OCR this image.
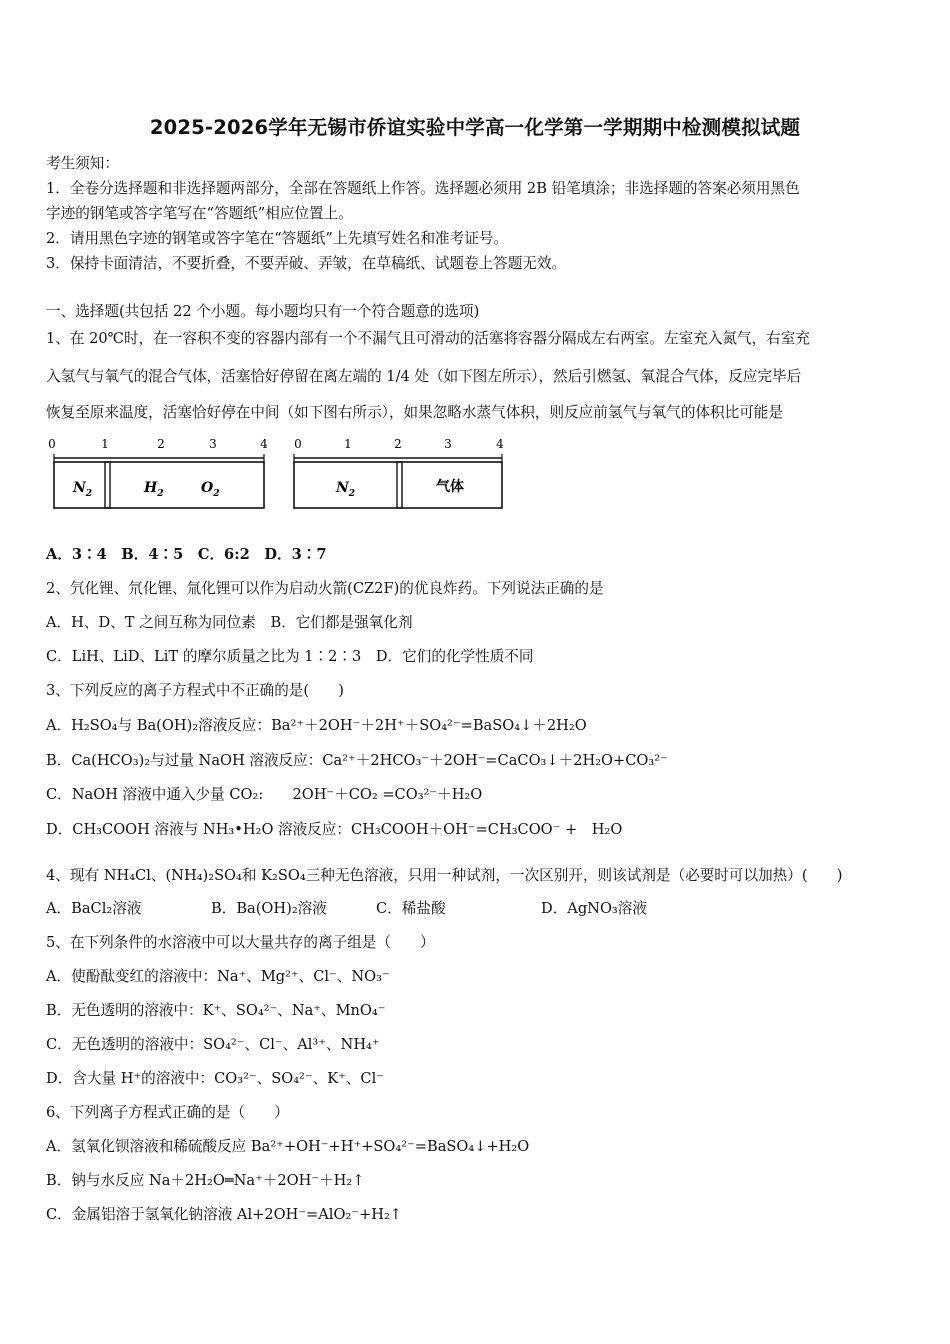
2025-2026学年无锡市侨谊实验中学高一化学第一学期期中检测模拟试题
考生须知：
1．全卷分选择题和非选择题两部分，全部在答题纸上作答。选择题必须用 2B 铅笔填涂；非选择题的答案必须用黑色
字迹的钢笔或答字笔写在“答题纸”相应位置上。
2．请用黑色字迹的钢笔或答字笔在“答题纸”上先填写姓名和准考证号。
3．保持卡面清洁，不要折叠，不要弄破、弄皱，在草稿纸、试题卷上答题无效。
一、选择题(共包括 22 个小题。每小题均只有一个符合题意的选项)
1、在 20℃时，在一容积不变的容器内部有一个不漏气且可滑动的活塞将容器分隔成左右两室。左室充入氮气，右室充
入氢气与氧气的混合气体，活塞恰好停留在离左端的 1/4 处（如下图左所示），然后引燃氢、氧混合气体，反应完毕后
恢复至原来温度，活塞恰好停在中间（如下图右所示），如果忽略水蒸气体积，则反应前氢气与氧气的体积比可能是
0	1	2	3	4
$N_2$	$H_2$	$O_2$
0	1	2	3	4
$N_2$	气体
A．3∶4　B．4∶5　C．6:2　D．3∶7
2、氕化锂、氘化锂、氚化锂可以作为启动火箭(CZ2F)的优良炸药。下列说法正确的是
A．H、D、T 之间互称为同位素　B．它们都是强氧化剂
C．LiH、LiD、LiT 的摩尔质量之比为 1∶2∶3　D．它们的化学性质不同
3、下列反应的离子方程式中不正确的是(　　)
A．H₂SO₄与 Ba(OH)₂溶液反应：Ba²⁺＋2OH⁻＋2H⁺＋SO₄²⁻=BaSO₄↓＋2H₂O
B．Ca(HCO₃)₂与过量 NaOH 溶液反应：Ca²⁺＋2HCO₃⁻＋2OH⁻=CaCO₃↓＋2H₂O+CO₃²⁻
C．NaOH 溶液中通入少量 CO₂:　　2OH⁻＋CO₂ =CO₃²⁻＋H₂O
D．CH₃COOH 溶液与 NH₃•H₂O 溶液反应：CH₃COOH＋OH⁻=CH₃COO⁻ +　H₂O
4、现有 NH₄Cl、(NH₄)₂SO₄和 K₂SO₄三种无色溶液，只用一种试剂，一次区别开，则该试剂是（必要时可以加热）(　　)
A．BaCl₂溶液	B．Ba(OH)₂溶液	C．稀盐酸	D．AgNO₃溶液
5、在下列条件的水溶液中可以大量共存的离子组是（　　）
A．使酚酞变红的溶液中：Na⁺、Mg²⁺、Cl⁻、NO₃⁻
B．无色透明的溶液中：K⁺、SO₄²⁻、Na⁺、MnO₄⁻
C．无色透明的溶液中：SO₄²⁻、Cl⁻、Al³⁺、NH₄⁺
D．含大量 H⁺的溶液中：CO₃²⁻、SO₄²⁻、K⁺、Cl⁻
6、下列离子方程式正确的是（　　）
A．氢氧化钡溶液和稀硫酸反应 Ba²⁺+OH⁻+H⁺+SO₄²⁻=BaSO₄↓+H₂O
B．钠与水反应 Na＋2H₂O═Na⁺＋2OH⁻＋H₂↑
C．金属铝溶于氢氧化钠溶液 Al+2OH⁻=AlO₂⁻+H₂↑
